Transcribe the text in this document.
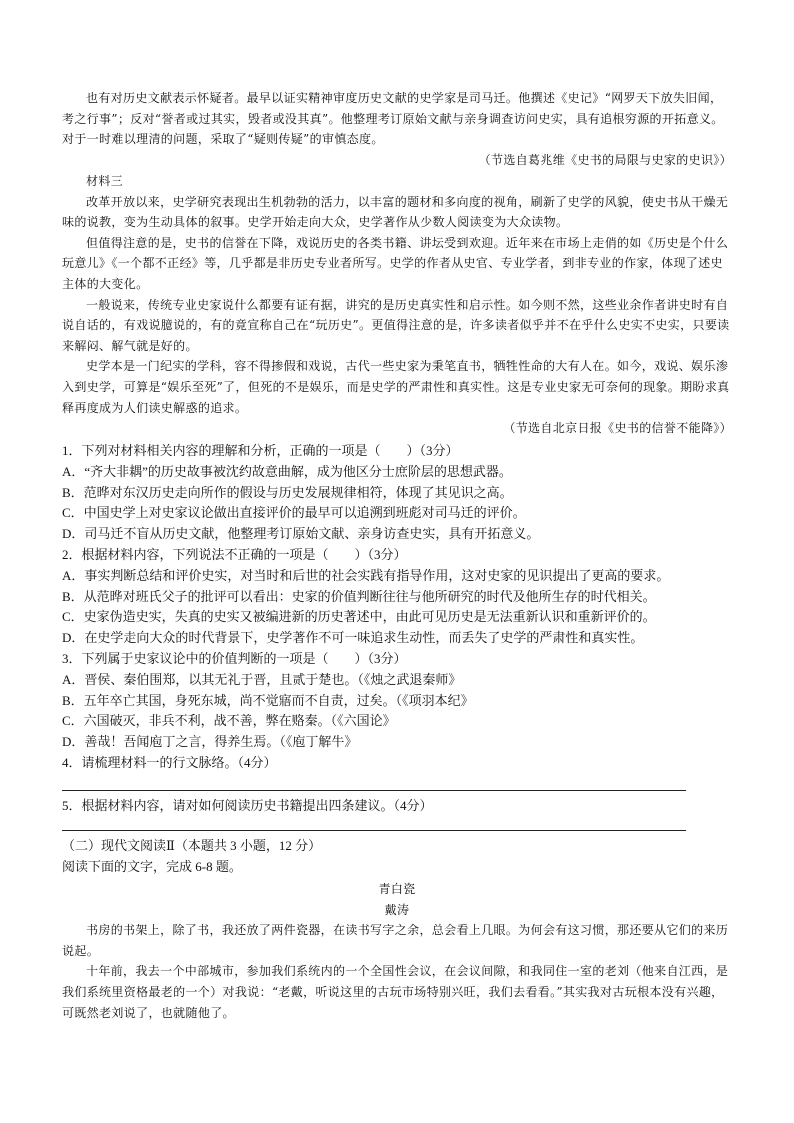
也有对历史文献表示怀疑者。最早以证实精神审度历史文献的史学家是司马迁。他撰述《史记》“网罗天下放失旧闻，考之行事”；反对“誉者或过其实，毁者或没其真”。他整理考订原始文献与亲身调查访问史实，具有追根穷源的开拓意义。对于一时难以理清的问题，采取了“疑则传疑”的审慎态度。

（节选自葛兆维《史书的局限与史家的史识》）

材料三

改革开放以来，史学研究表现出生机勃勃的活力，以丰富的题材和多向度的视角，刷新了史学的风貌，使史书从干燥无味的说教，变为生动具体的叙事。史学开始走向大众，史学著作从少数人阅读变为大众读物。

但值得注意的是，史书的信誉在下降，戏说历史的各类书籍、讲坛受到欢迎。近年来在市场上走俏的如《历史是个什么玩意儿》《一个都不正经》等，几乎都是非历史专业者所写。史学的作者从史官、专业学者，到非专业的作家，体现了述史主体的大变化。

一般说来，传统专业史家说什么都要有证有据，讲究的是历史真实性和启示性。如今则不然，这些业余作者讲史时有自说自话的，有戏说臆说的，有的竟宣称自己在“玩历史”。更值得注意的是，许多读者似乎并不在乎什么史实不史实，只要读来解闷、解气就是好的。

史学本是一门纪实的学科，容不得掺假和戏说，古代一些史家为秉笔直书，牺牲性命的大有人在。如今，戏说、娱乐渗入到史学，可算是“娱乐至死”了，但死的不是娱乐，而是史学的严肃性和真实性。这是专业史家无可奈何的现象。期盼求真释再度成为人们读史解惑的追求。

（节选自北京日报《史书的信誉不能降》）

1．下列对材料相关内容的理解和分析，正确的一项是（　　）（3分）

A．“齐大非耦”的历史故事被沈约故意曲解，成为他区分士庶阶层的思想武器。

B．范晔对东汉历史走向所作的假设与历史发展规律相符，体现了其见识之高。

C．中国史学上对史家议论做出直接评价的最早可以追溯到班彪对司马迁的评价。

D．司马迁不盲从历史文献，他整理考订原始文献、亲身访查史实，具有开拓意义。

2．根据材料内容，下列说法不正确的一项是（　　）（3分）

A．事实判断总结和评价史实，对当时和后世的社会实践有指导作用，这对史家的见识提出了更高的要求。

B．从范晔对班氏父子的批评可以看出：史家的价值判断往往与他所研究的时代及他所生存的时代相关。

C．史家伪造史实，失真的史实又被编进新的历史著述中，由此可见历史是无法重新认识和重新评价的。

D．在史学走向大众的时代背景下，史学著作不可一味追求生动性，而丢失了史学的严肃性和真实性。

3．下列属于史家议论中的价值判断的一项是（　　）（3分）

A．晋侯、秦伯围郑，以其无礼于晋，且贰于楚也。（《烛之武退秦师》

B．五年卒亡其国，身死东城，尚不觉寤而不自责，过矣。（《项羽本纪》

C．六国破灭，非兵不利，战不善，弊在赂秦。（《六国论》

D．善哉！吾闻庖丁之言，得养生焉。（《庖丁解牛》

4．请梳理材料一的行文脉络。（4分）

5．根据材料内容，请对如何阅读历史书籍提出四条建议。（4分）

（二）现代文阅读Ⅱ（本题共 3 小题，12 分）

阅读下面的文字，完成 6-8 题。

青白瓷

戴涛

书房的书架上，除了书，我还放了两件瓷器，在读书写字之余，总会看上几眼。为何会有这习惯，那还要从它们的来历说起。

十年前，我去一个中部城市，参加我们系统内的一个全国性会议，在会议间隙，和我同住一室的老刘（他来自江西，是我们系统里资格最老的一个）对我说：“老戴，听说这里的古玩市场特别兴旺，我们去看看。”其实我对古玩根本没有兴趣，可既然老刘说了，也就随他了。
